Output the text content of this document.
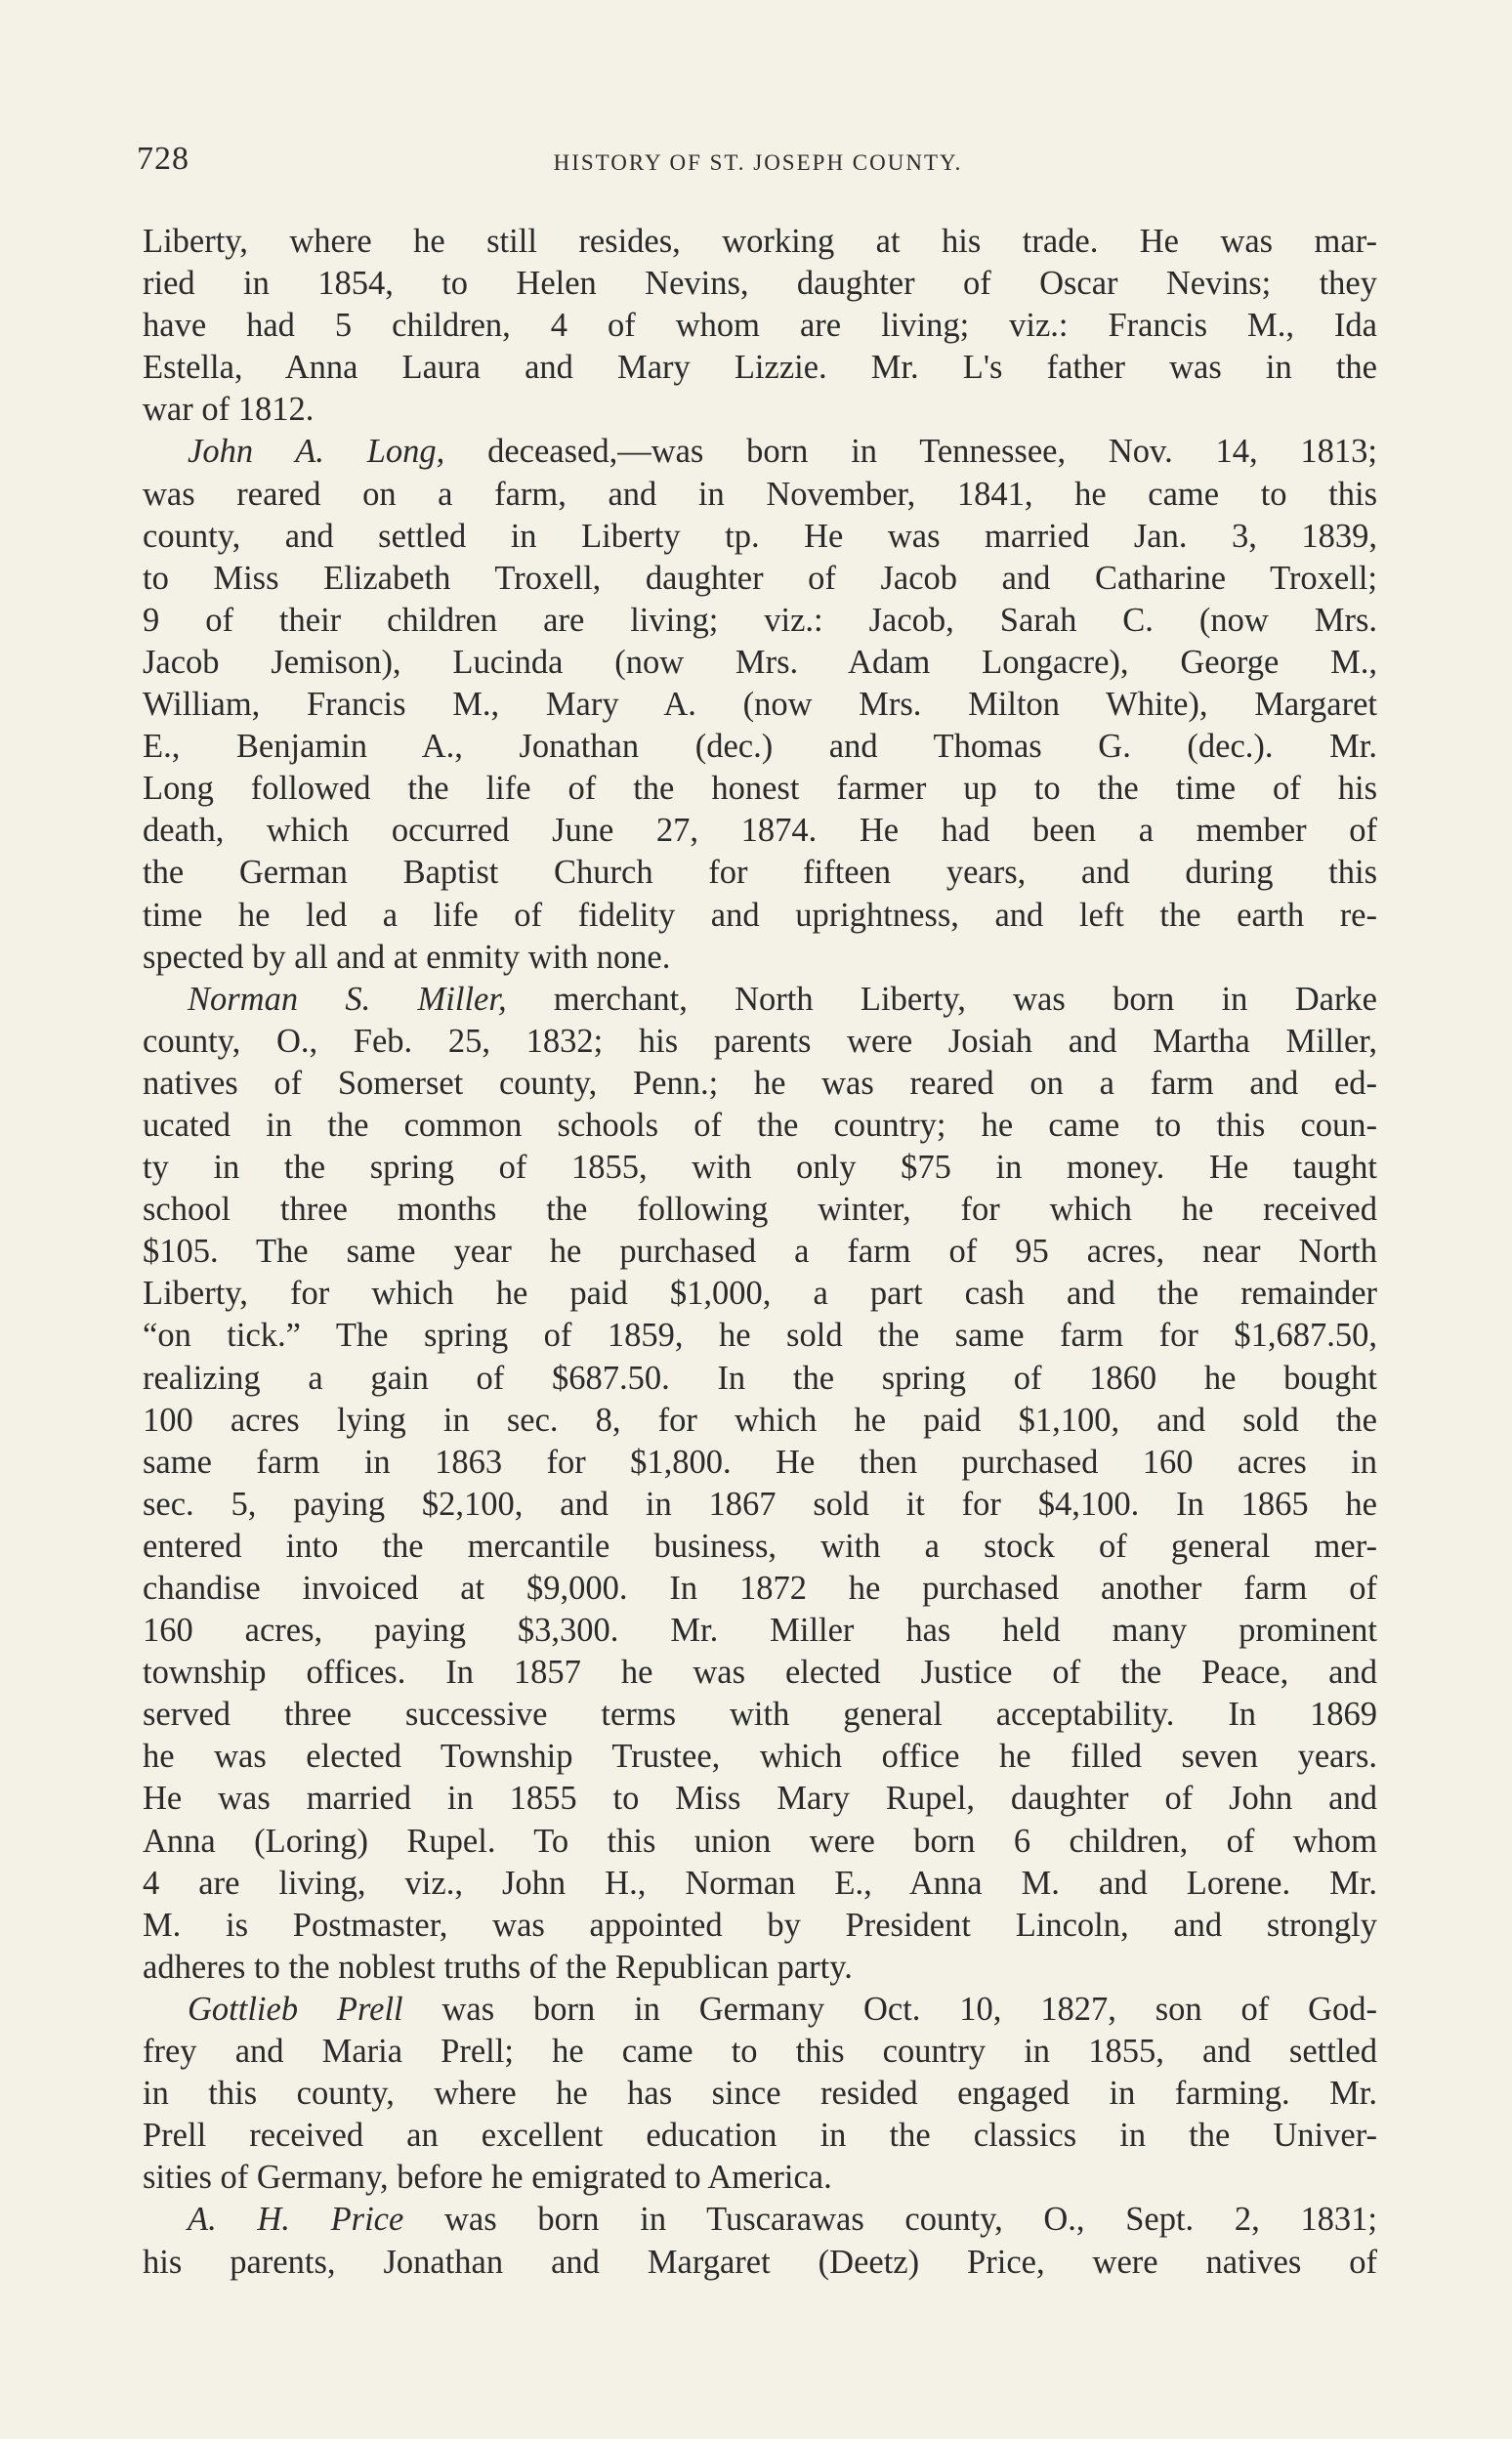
728	HISTORY OF ST. JOSEPH COUNTY.
Liberty, where he still resides, working at his trade. He was mar-
ried in 1854, to Helen Nevins, daughter of Oscar Nevins; they
have had 5 children, 4 of whom are living; viz.: Francis M., Ida
Estella, Anna Laura and Mary Lizzie. Mr. L's father was in the
war of 1812.
John A. Long, deceased,—was born in Tennessee, Nov. 14, 1813;
was reared on a farm, and in November, 1841, he came to this
county, and settled in Liberty tp. He was married Jan. 3, 1839,
to Miss Elizabeth Troxell, daughter of Jacob and Catharine Troxell;
9 of their children are living; viz.: Jacob, Sarah C. (now Mrs.
Jacob Jemison), Lucinda (now Mrs. Adam Longacre), George M.,
William, Francis M., Mary A. (now Mrs. Milton White), Margaret
E., Benjamin A., Jonathan (dec.) and Thomas G. (dec.). Mr.
Long followed the life of the honest farmer up to the time of his
death, which occurred June 27, 1874. He had been a member of
the German Baptist Church for fifteen years, and during this
time he led a life of fidelity and uprightness, and left the earth re-
spected by all and at enmity with none.
Norman S. Miller, merchant, North Liberty, was born in Darke
county, O., Feb. 25, 1832; his parents were Josiah and Martha Miller,
natives of Somerset county, Penn.; he was reared on a farm and ed-
ucated in the common schools of the country; he came to this coun-
ty in the spring of 1855, with only $75 in money. He taught
school three months the following winter, for which he received
$105. The same year he purchased a farm of 95 acres, near North
Liberty, for which he paid $1,000, a part cash and the remainder
“on tick.” The spring of 1859, he sold the same farm for $1,687.50,
realizing a gain of $687.50. In the spring of 1860 he bought
100 acres lying in sec. 8, for which he paid $1,100, and sold the
same farm in 1863 for $1,800. He then purchased 160 acres in
sec. 5, paying $2,100, and in 1867 sold it for $4,100. In 1865 he
entered into the mercantile business, with a stock of general mer-
chandise invoiced at $9,000. In 1872 he purchased another farm of
160 acres, paying $3,300. Mr. Miller has held many prominent
township offices. In 1857 he was elected Justice of the Peace, and
served three successive terms with general acceptability. In 1869
he was elected Township Trustee, which office he filled seven years.
He was married in 1855 to Miss Mary Rupel, daughter of John and
Anna (Loring) Rupel. To this union were born 6 children, of whom
4 are living, viz., John H., Norman E., Anna M. and Lorene. Mr.
M. is Postmaster, was appointed by President Lincoln, and strongly
adheres to the noblest truths of the Republican party.
Gottlieb Prell was born in Germany Oct. 10, 1827, son of God-
frey and Maria Prell; he came to this country in 1855, and settled
in this county, where he has since resided engaged in farming. Mr.
Prell received an excellent education in the classics in the Univer-
sities of Germany, before he emigrated to America.
A. H. Price was born in Tuscarawas county, O., Sept. 2, 1831;
his parents, Jonathan and Margaret (Deetz) Price, were natives of
